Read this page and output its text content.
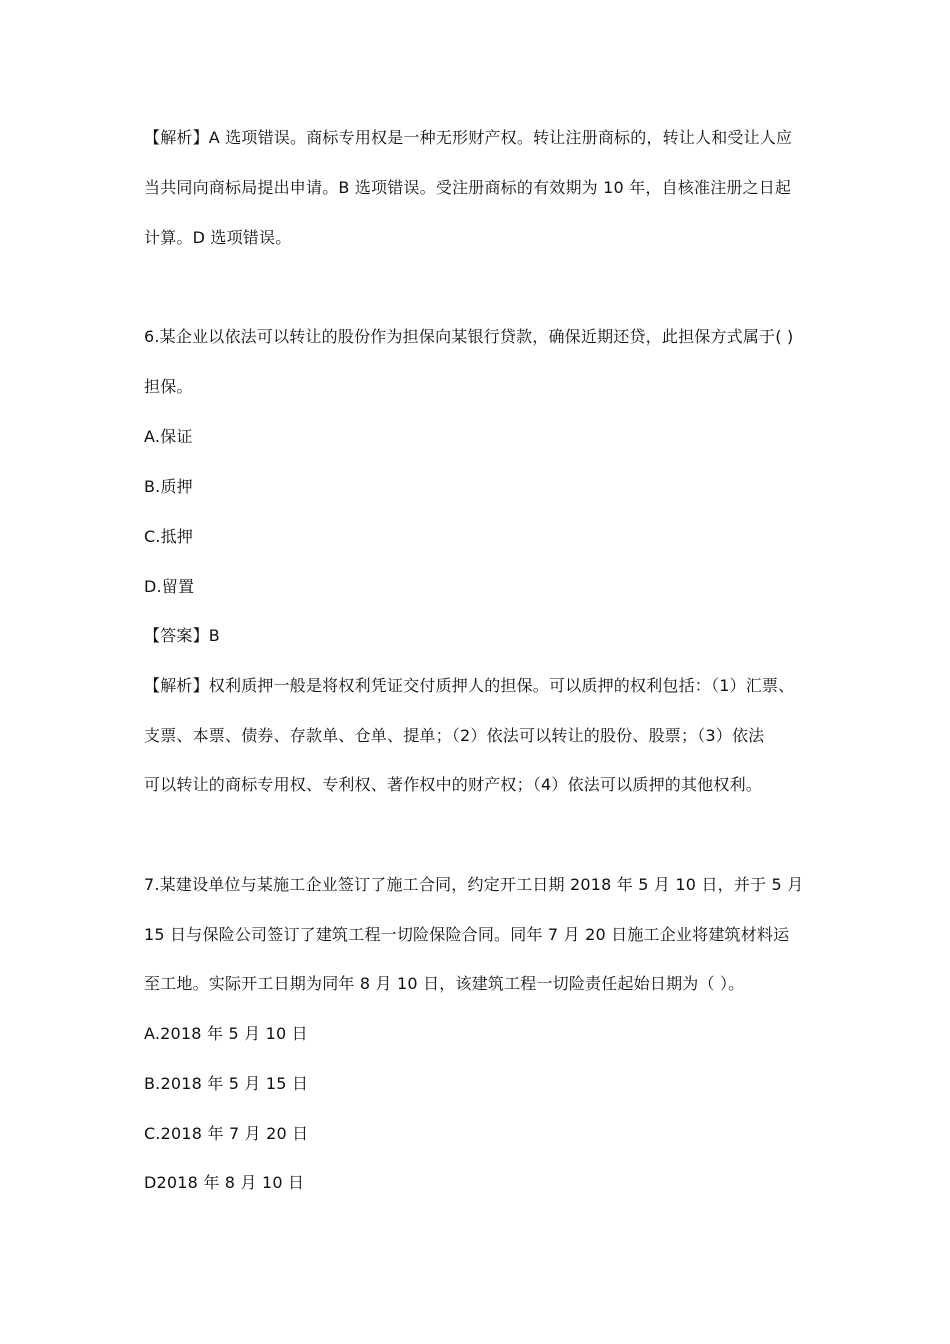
【解析】A 选项错误。商标专用权是一种无形财产权。转让注册商标的，转让人和受让人应
当共同向商标局提出申请。B 选项错误。受注册商标的有效期为 10 年，自核准注册之日起
计算。D 选项错误。
6.某企业以依法可以转让的股份作为担保向某银行贷款，确保近期还贷，此担保方式属于( )
担保。
A.保证
B.质押
C.抵押
D.留置
【答案】B
【解析】权利质押一般是将权利凭证交付质押人的担保。可以质押的权利包括：（1）汇票、
支票、本票、债券、存款单、仓单、提单；（2）依法可以转让的股份、股票；（3）依法
可以转让的商标专用权、专利权、著作权中的财产权；（4）依法可以质押的其他权利。
7.某建设单位与某施工企业签订了施工合同，约定开工日期 2018 年 5 月 10 日，并于 5 月
15 日与保险公司签订了建筑工程一切险保险合同。同年 7 月 20 日施工企业将建筑材料运
至工地。实际开工日期为同年 8 月 10 日，该建筑工程一切险责任起始日期为（ ）。
A.2018 年 5 月 10 日
B.2018 年 5 月 15 日
C.2018 年 7 月 20 日
D2018 年 8 月 10 日
